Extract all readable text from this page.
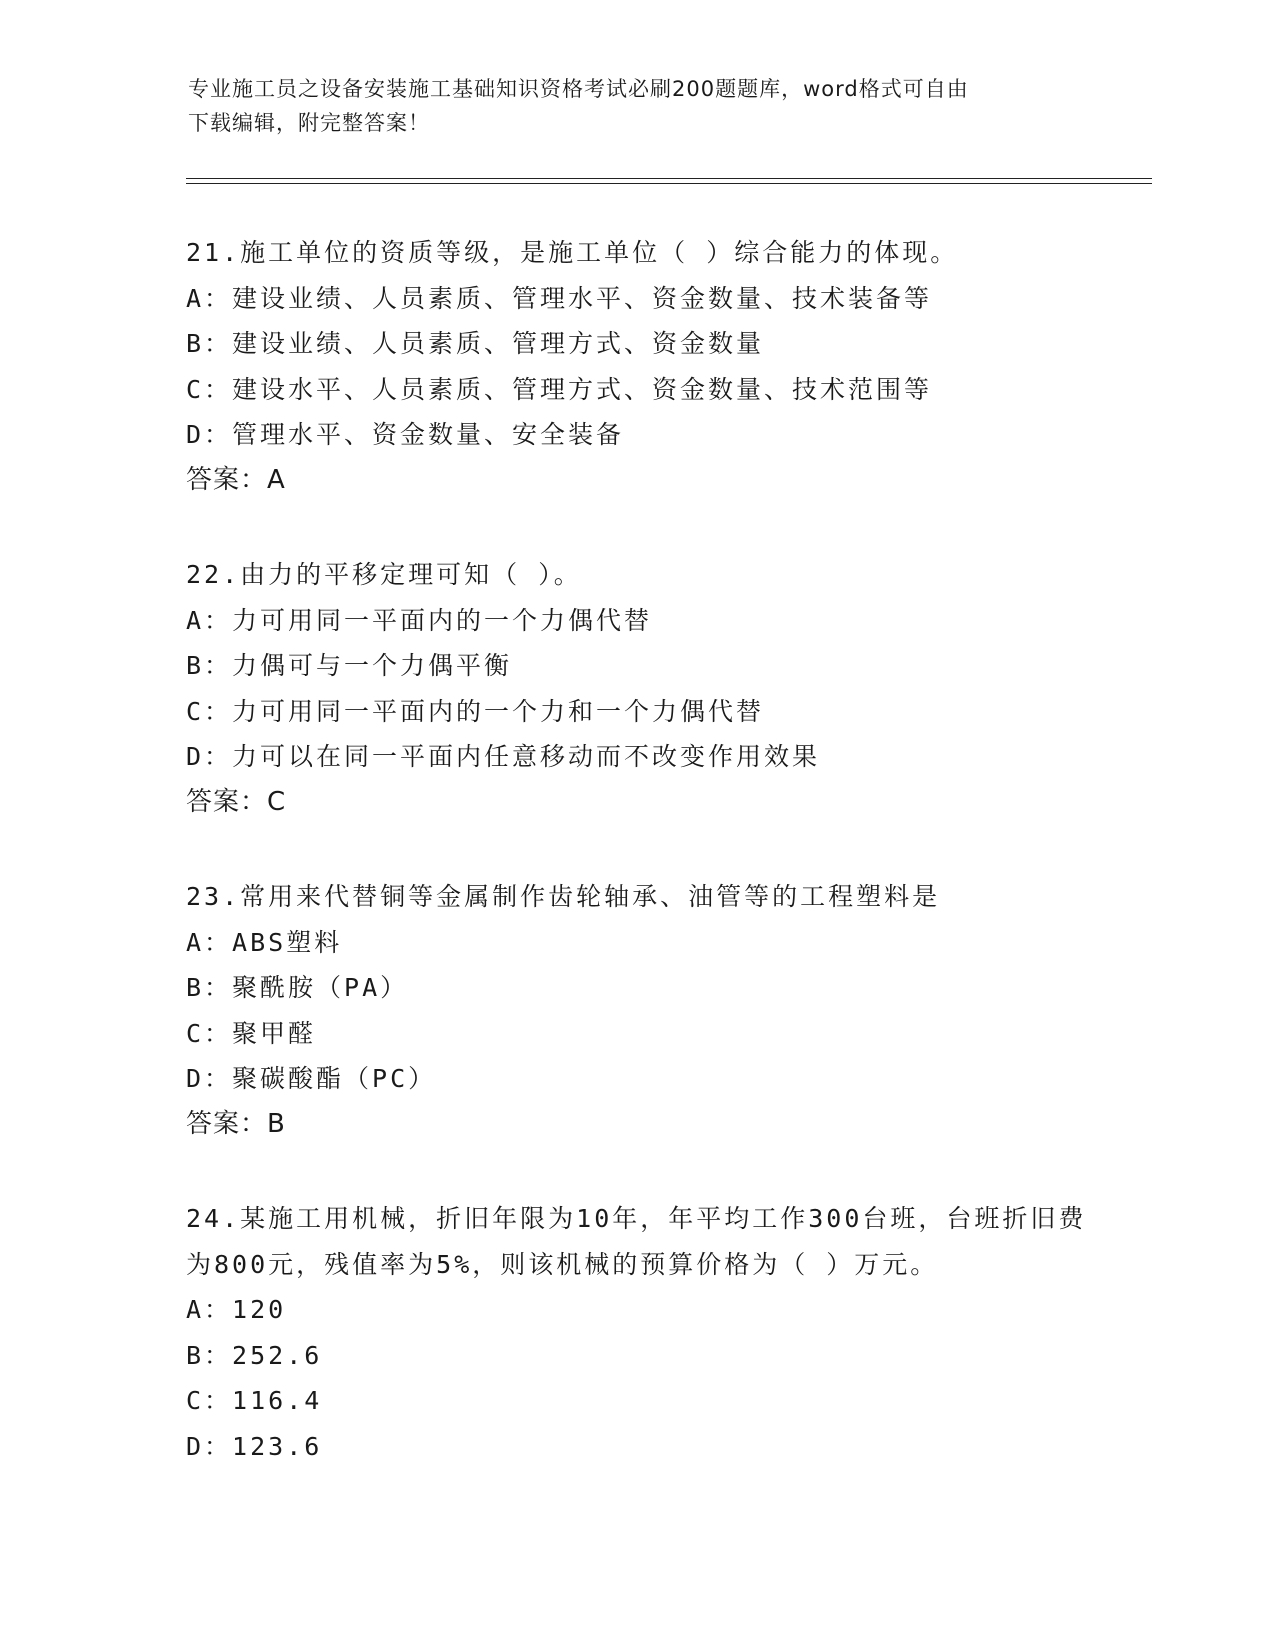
专业施工员之设备安装施工基础知识资格考试必刷200题题库，word格式可自由
下载编辑，附完整答案！
21.施工单位的资质等级，是施工单位（ ）综合能力的体现。
A：建设业绩、人员素质、管理水平、资金数量、技术装备等
B：建设业绩、人员素质、管理方式、资金数量
C：建设水平、人员素质、管理方式、资金数量、技术范围等
D：管理水平、资金数量、安全装备
答案：A
22.由力的平移定理可知（ ）。
A：力可用同一平面内的一个力偶代替
B：力偶可与一个力偶平衡
C：力可用同一平面内的一个力和一个力偶代替
D：力可以在同一平面内任意移动而不改变作用效果
答案：C
23.常用来代替铜等金属制作齿轮轴承、油管等的工程塑料是
A：ABS塑料
B：聚酰胺（PA）
C：聚甲醛
D：聚碳酸酯（PC）
答案：B
24.某施工用机械，折旧年限为10年，年平均工作300台班，台班折旧费为800元，残值率为5%，则该机械的预算价格为（ ）万元。
A：120
B：252.6
C：116.4
D：123.6
